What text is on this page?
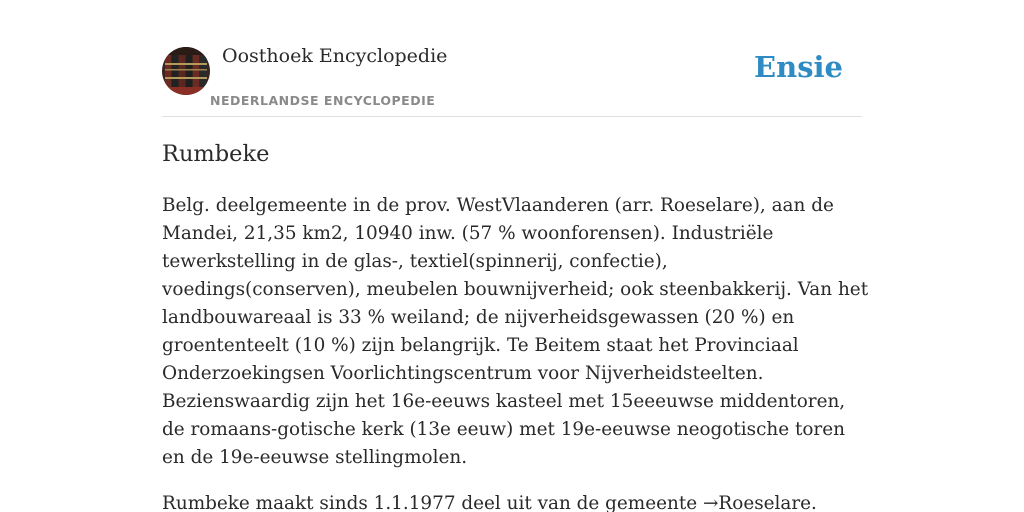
Oosthoek Encyclopedie
NEDERLANDSE ENCYCLOPEDIE
Ensie
Rumbeke

Belg. deelgemeente in de prov. WestVlaanderen (arr. Roeselare), aan de Mandei, 21,35 km2, 10940 inw. (57 % woonforensen). Industriële tewerkstelling in de glas-, textiel(spinnerij, confectie), voedings(conserven), meubelen bouwnijverheid; ook steenbakkerij. Van het landbouwareaal is 33 % weiland; de nijverheidsgewassen (20 %) en groententeelt (10 %) zijn belangrijk. Te Beitem staat het Provinciaal Onderzoekingsen Voorlichtingscentrum voor Nijverheidsteelten. Bezienswaardig zijn het 16e-eeuws kasteel met 15eeeuwse middentoren, de romaans-gotische kerk (13e eeuw) met 19e-eeuwse neogotische toren en de 19e-eeuwse stellingmolen.

Rumbeke maakt sinds 1.1.1977 deel uit van de gemeente →Roeselare.
